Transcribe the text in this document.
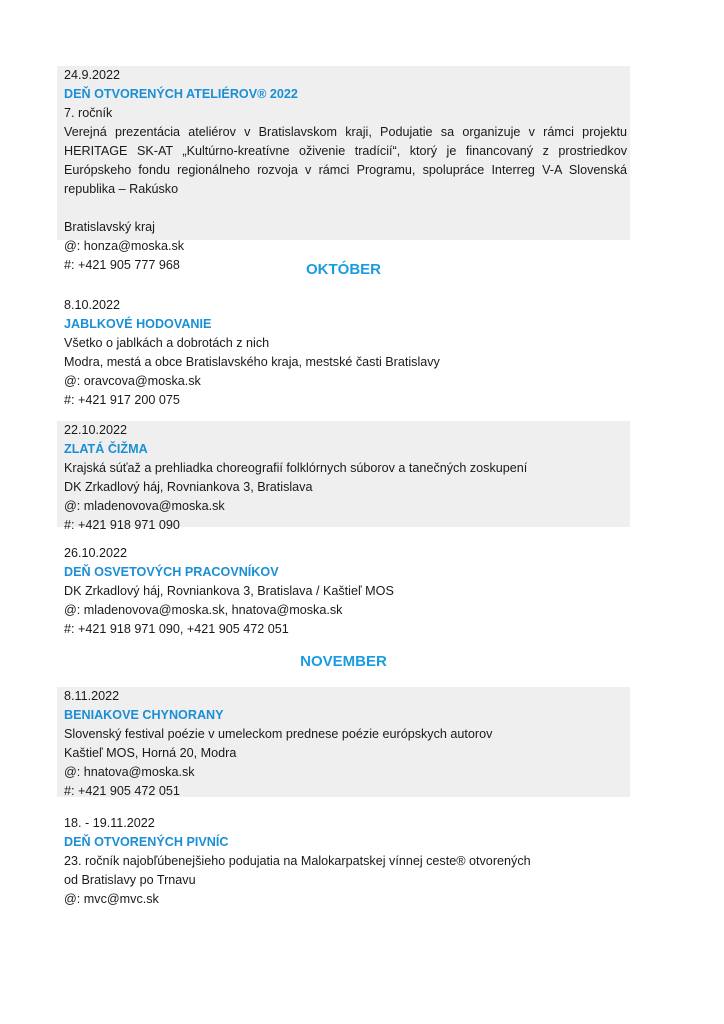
24.9.2022
DEŇ OTVORENÝCH ATELIÉROV® 2022
7. ročník
Verejná prezentácia ateliérov v Bratislavskom kraji, Podujatie sa organizuje v rámci projektu HERITAGE SK-AT „Kultúrno-kreatívne oživenie tradícií“, ktorý je financovaný z prostriedkov Európskeho fondu regionálneho rozvoja v rámci Programu, spolupráce Interreg V-A Slovenská republika – Rakúsko
Bratislavský kraj
@: honza@moska.sk
#: +421 905 777 968	OKTÓBER
8.10.2022
JABLKOVÉ HODOVANIE
Všetko o jablkách a dobrotách z nich
Modra, mestá a obce Bratislavského kraja, mestské časti Bratislavy
@: oravcova@moska.sk
#: +421 917 200 075
22.10.2022
ZLATÁ ČIŽMA
Krajská súťaž a prehliadka choreografií folklórnych súborov a tanečných zoskupení
DK Zrkadlový háj, Rovniankova 3, Bratislava
@: mladenovova@moska.sk
#: +421 918 971 090
26.10.2022
DEŇ OSVETOVÝCH PRACOVNÍKOV
DK Zrkadlový háj, Rovniankova 3, Bratislava / Kaštieľ MOS
@: mladenovova@moska.sk, hnatova@moska.sk
#: +421 918 971 090, +421 905 472 051
NOVEMBER
8.11.2022
BENIAKOVE CHYNORANY
Slovenský festival poézie v umeleckom prednese poézie európskych autorov
Kaštieľ MOS, Horná 20, Modra
@: hnatova@moska.sk
#: +421 905 472 051
18. - 19.11.2022
DEŇ OTVORENÝCH PIVNÍC
23. ročník najobľúbenejšieho podujatia na Malokarpatskej vínnej ceste® otvorených
od Bratislavy po Trnavu
@: mvc@mvc.sk
